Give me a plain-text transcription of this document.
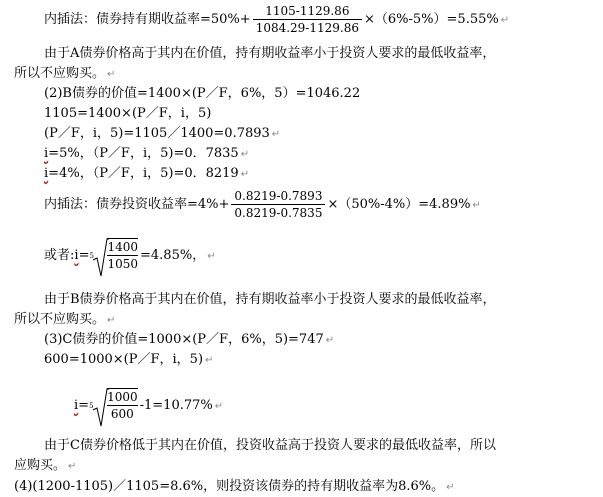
内插法：债券持有期收益率$=50\%+ \frac{1105-1129.86}{1084.29-1129.86} \times(6\%-5\%)=5.55\%$ ↵
由于A债券价格高于其内在价值，持有期收益率小于投资人要求的最低收益率，
所以不应购买。 ↵
(2)B债券的价值=1400×(P／F，6%，5）=1046.22
1105=1400×(P／F，i，5)
(P／F，i，5)=1105／1400=0.7893 ↵
i=5%，（P／F，i，5)=0．7835 ↵
i=4%，（P／F，i，5)=0．8219 ↵
内插法：债券投资收益率$=4\%+ \frac{0.8219-0.7893}{0.8219-0.7835} \times(50\%-4\%)=4.89\%$ ↵
或者:i= $5 \frac{1400}{1050} =4.85\%$， ↵
由于B债券价格高于其内在价值，持有期收益率小于投资人要求的最低收益率，
所以不应购买。 ↵
(3)C债券的价值=1000×(P／F，6%，5)=747 ↵
600=1000×(P／F，i，5) ↵
$i= 5 \frac{1000}{600} -1=10.77\%$ ↵
由于C债券价格低于其内在价值，投资收益高于投资人要求的最低收益率，所以
应购买。 ↵
(4)(1200-1105)／1105=8.6%，则投资该债券的持有期收益率为8.6%。 ↵
